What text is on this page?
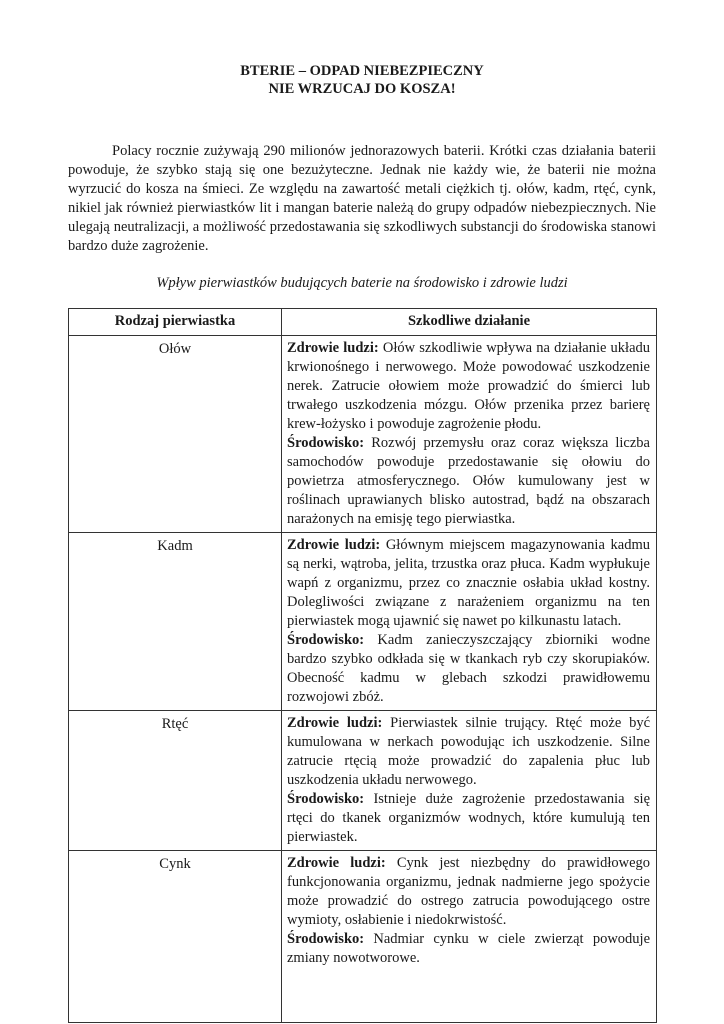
BTERIE – ODPAD NIEBEZPIECZNY
NIE WRZUCAJ DO KOSZA!

Polacy rocznie zużywają 290 milionów jednorazowych baterii. Krótki czas działania baterii powoduje, że szybko stają się one bezużyteczne. Jednak nie każdy wie, że baterii nie można wyrzucić do kosza na śmieci. Ze względu na zawartość metali ciężkich tj. ołów, kadm, rtęć, cynk, nikiel jak również pierwiastków lit i mangan baterie należą do grupy odpadów niebezpiecznych. Nie ulegają neutralizacji, a możliwość przedostawania się szkodliwych substancji do środowiska stanowi bardzo duże zagrożenie.

Wpływ pierwiastków budujących baterie na środowisko i zdrowie ludzi

Rodzaj pierwiastka	Szkodliwe działanie
Ołów	Zdrowie ludzi: Ołów szkodliwie wpływa na działanie układu krwionośnego i nerwowego. Może powodować uszkodzenie nerek. Zatrucie ołowiem może prowadzić do śmierci lub trwałego uszkodzenia mózgu. Ołów przenika przez barierę krew-łożysko i powoduje zagrożenie płodu.

Środowisko: Rozwój przemysłu oraz coraz większa liczba samochodów powoduje przedostawanie się ołowiu do powietrza atmosferycznego. Ołów kumulowany jest w roślinach uprawianych blisko autostrad, bądź na obszarach narażonych na emisję tego pierwiastka.

Kadm	Zdrowie ludzi: Głównym miejscem magazynowania kadmu są nerki, wątroba, jelita, trzustka oraz płuca. Kadm wypłukuje wapń z organizmu, przez co znacznie osłabia układ kostny. Dolegliwości związane z narażeniem organizmu na ten pierwiastek mogą ujawnić się nawet po kilkunastu latach.

Środowisko: Kadm zanieczyszczający zbiorniki wodne bardzo szybko odkłada się w tkankach ryb czy skorupiaków. Obecność kadmu w glebach szkodzi prawidłowemu rozwojowi zbóż.

Rtęć	Zdrowie ludzi: Pierwiastek silnie trujący. Rtęć może być kumulowana w nerkach powodując ich uszkodzenie. Silne zatrucie rtęcią może prowadzić do zapalenia płuc lub uszkodzenia układu nerwowego.

Środowisko: Istnieje duże zagrożenie przedostawania się rtęci do tkanek organizmów wodnych, które kumulują ten pierwiastek.

Cynk	Zdrowie ludzi: Cynk jest niezbędny do prawidłowego funkcjonowania organizmu, jednak nadmierne jego spożycie może prowadzić do ostrego zatrucia powodującego ostre wymioty, osłabienie i niedokrwistość.

Środowisko: Nadmiar cynku w ciele zwierząt powoduje zmiany nowotworowe.
